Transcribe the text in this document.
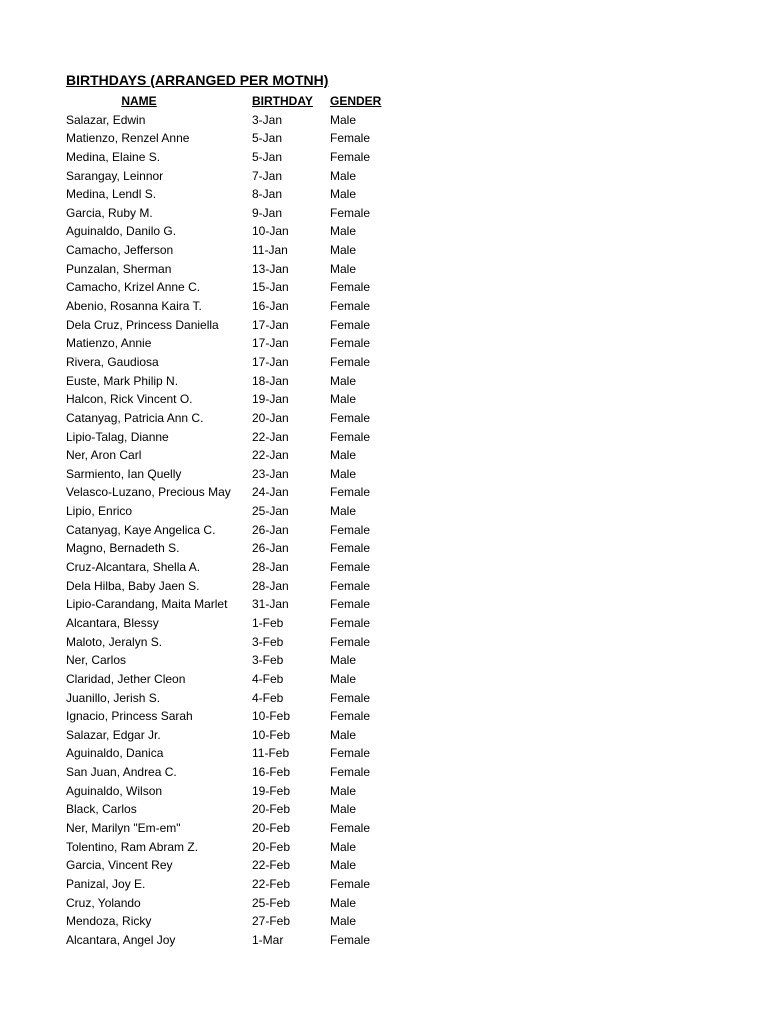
BIRTHDAYS (ARRANGED PER MOTNH)
NAME	BIRTHDAY	GENDER
Salazar, Edwin	3-Jan	Male
Matienzo, Renzel Anne	5-Jan	Female
Medina, Elaine S.	5-Jan	Female
Sarangay, Leinnor	7-Jan	Male
Medina, Lendl S.	8-Jan	Male
Garcia, Ruby M.	9-Jan	Female
Aguinaldo, Danilo G.	10-Jan	Male
Camacho, Jefferson	11-Jan	Male
Punzalan, Sherman	13-Jan	Male
Camacho, Krizel Anne C.	15-Jan	Female
Abenio, Rosanna Kaira T.	16-Jan	Female
Dela Cruz, Princess Daniella	17-Jan	Female
Matienzo, Annie	17-Jan	Female
Rivera, Gaudiosa	17-Jan	Female
Euste, Mark Philip N.	18-Jan	Male
Halcon, Rick Vincent O.	19-Jan	Male
Catanyag, Patricia Ann C.	20-Jan	Female
Lipio-Talag, Dianne	22-Jan	Female
Ner, Aron Carl	22-Jan	Male
Sarmiento, Ian Quelly	23-Jan	Male
Velasco-Luzano, Precious May	24-Jan	Female
Lipio, Enrico	25-Jan	Male
Catanyag, Kaye Angelica C.	26-Jan	Female
Magno, Bernadeth S.	26-Jan	Female
Cruz-Alcantara, Shella A.	28-Jan	Female
Dela Hilba, Baby Jaen S.	28-Jan	Female
Lipio-Carandang, Maita Marlet	31-Jan	Female
Alcantara, Blessy	1-Feb	Female
Maloto, Jeralyn S.	3-Feb	Female
Ner, Carlos	3-Feb	Male
Claridad, Jether Cleon	4-Feb	Male
Juanillo, Jerish S.	4-Feb	Female
Ignacio, Princess Sarah	10-Feb	Female
Salazar, Edgar Jr.	10-Feb	Male
Aguinaldo, Danica	11-Feb	Female
San Juan, Andrea C.	16-Feb	Female
Aguinaldo, Wilson	19-Feb	Male
Black, Carlos	20-Feb	Male
Ner, Marilyn "Em-em"	20-Feb	Female
Tolentino, Ram Abram Z.	20-Feb	Male
Garcia, Vincent Rey	22-Feb	Male
Panizal, Joy E.	22-Feb	Female
Cruz, Yolando	25-Feb	Male
Mendoza, Ricky	27-Feb	Male
Alcantara, Angel Joy	1-Mar	Female
